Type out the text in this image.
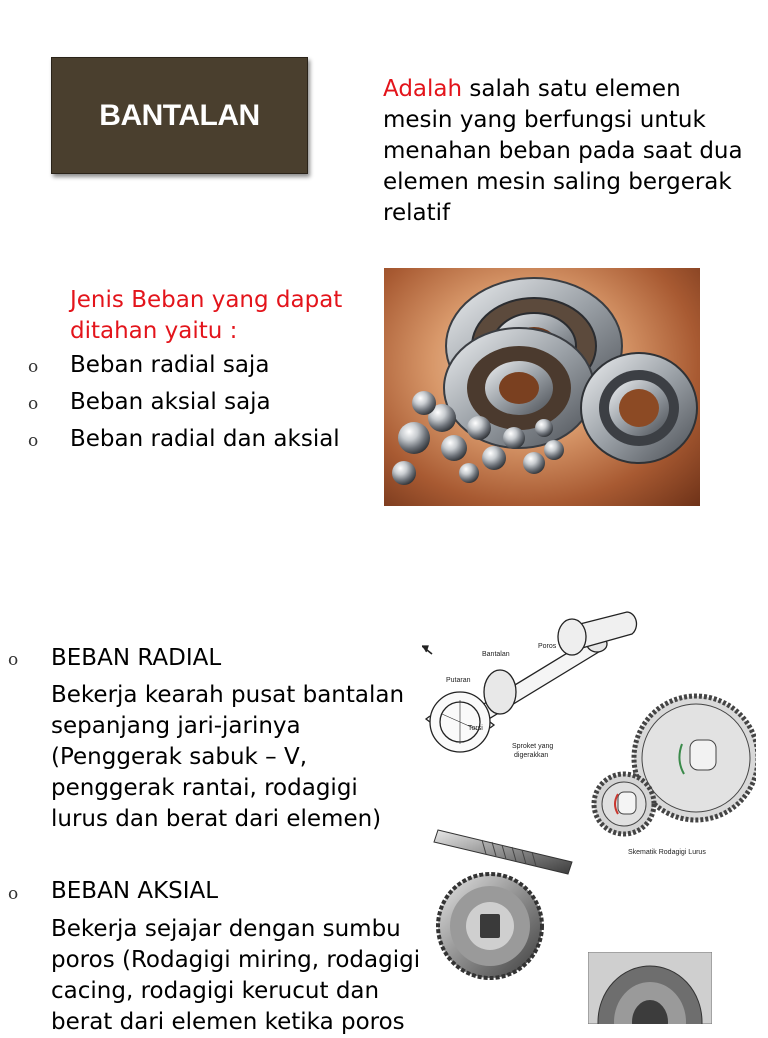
BANTALAN
Adalah salah satu elemen mesin yang berfungsi untuk menahan beban pada saat dua elemen mesin saling bergerak relatif
Jenis Beban yang dapat ditahan yaitu :
o	Beban radial saja
o	Beban aksial saja
o	Beban radial dan aksial
o BEBAN RADIAL
Bekerja kearah pusat bantalan sepanjang jari-jarinya (Penggerak sabuk – V, penggerak rantai, rodagigi lurus dan berat dari elemen)
o BEBAN AKSIAL
Bekerja sejajar dengan sumbu poros (Rodagigi miring, rodagigi cacing, rodagigi kerucut dan berat dari elemen ketika poros
Poros
Bantalan
Putaran
Torsi
Sproket yang
digerakkan
Skematik Rodagigi Lurus
